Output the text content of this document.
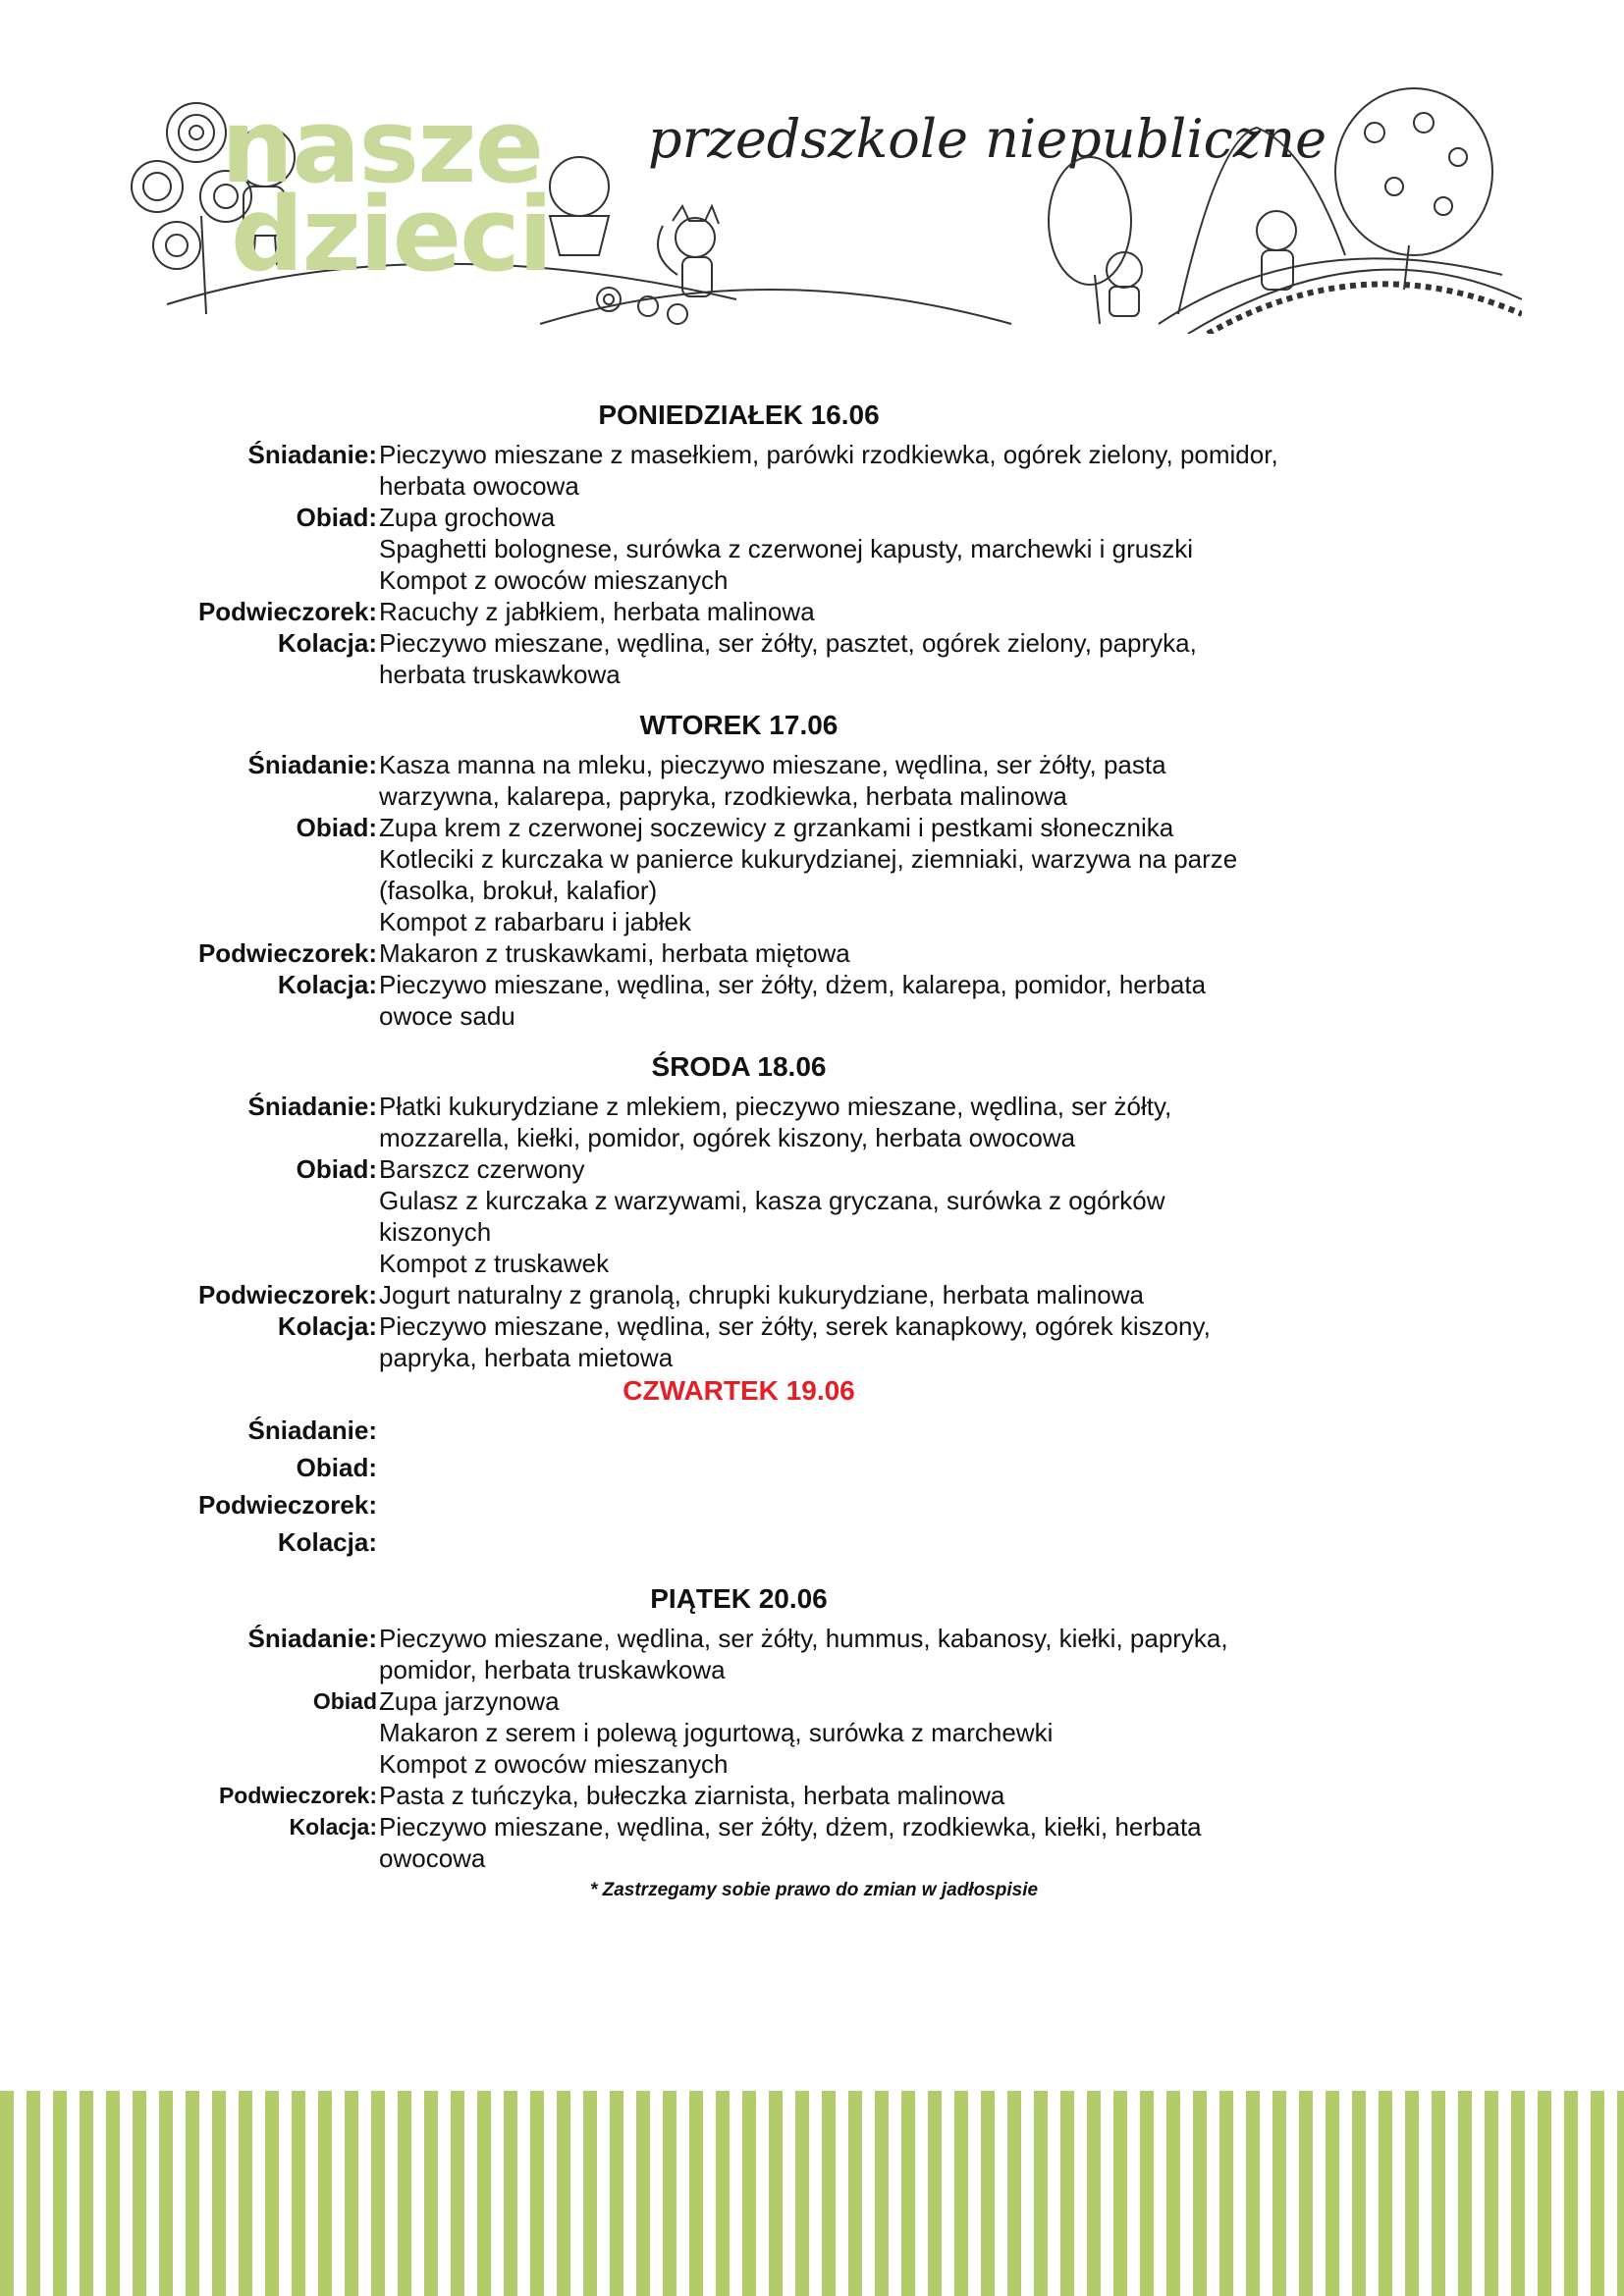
nasze
dzieci
przedszkole niepubliczne
PONIEDZIAŁEK 16.06
Śniadanie: Pieczywo mieszane z masełkiem, parówki rzodkiewka, ogórek zielony, pomidor,
herbata owocowa
Obiad: Zupa grochowa
Spaghetti bolognese, surówka z czerwonej kapusty, marchewki i gruszki
Kompot z owoców mieszanych
Podwieczorek: Racuchy z jabłkiem, herbata malinowa
Kolacja: Pieczywo mieszane, wędlina, ser żółty, pasztet, ogórek zielony, papryka,
herbata truskawkowa
WTOREK 17.06
Śniadanie: Kasza manna na mleku, pieczywo mieszane, wędlina, ser żółty, pasta
warzywna, kalarepa, papryka, rzodkiewka, herbata malinowa
Obiad: Zupa krem z czerwonej soczewicy z grzankami i pestkami słonecznika
Kotleciki z kurczaka w panierce kukurydzianej, ziemniaki, warzywa na parze
(fasolka, brokuł, kalafior)
Kompot z rabarbaru i jabłek
Podwieczorek: Makaron z truskawkami, herbata miętowa
Kolacja: Pieczywo mieszane, wędlina, ser żółty, dżem, kalarepa, pomidor, herbata
owoce sadu
ŚRODA 18.06
Śniadanie: Płatki kukurydziane z mlekiem, pieczywo mieszane, wędlina, ser żółty,
mozzarella, kiełki, pomidor, ogórek kiszony, herbata owocowa
Obiad: Barszcz czerwony
Gulasz z kurczaka z warzywami, kasza gryczana, surówka z ogórków
kiszonych
Kompot z truskawek
Podwieczorek: Jogurt naturalny z granolą, chrupki kukurydziane, herbata malinowa
Kolacja: Pieczywo mieszane, wędlina, ser żółty, serek kanapkowy, ogórek kiszony,
papryka, herbata mietowa
CZWARTEK 19.06
Śniadanie:
Obiad:
Podwieczorek:
Kolacja:
PIĄTEK 20.06
Śniadanie: Pieczywo mieszane, wędlina, ser żółty, hummus, kabanosy, kiełki, papryka,
pomidor, herbata truskawkowa
Obiad Zupa jarzynowa
Makaron z serem i polewą jogurtową, surówka z marchewki
Kompot z owoców mieszanych
Podwieczorek: Pasta z tuńczyka, bułeczka ziarnista, herbata malinowa
Kolacja: Pieczywo mieszane, wędlina, ser żółty, dżem, rzodkiewka, kiełki, herbata
owocowa
* Zastrzegamy sobie prawo do zmian w jadłospisie
